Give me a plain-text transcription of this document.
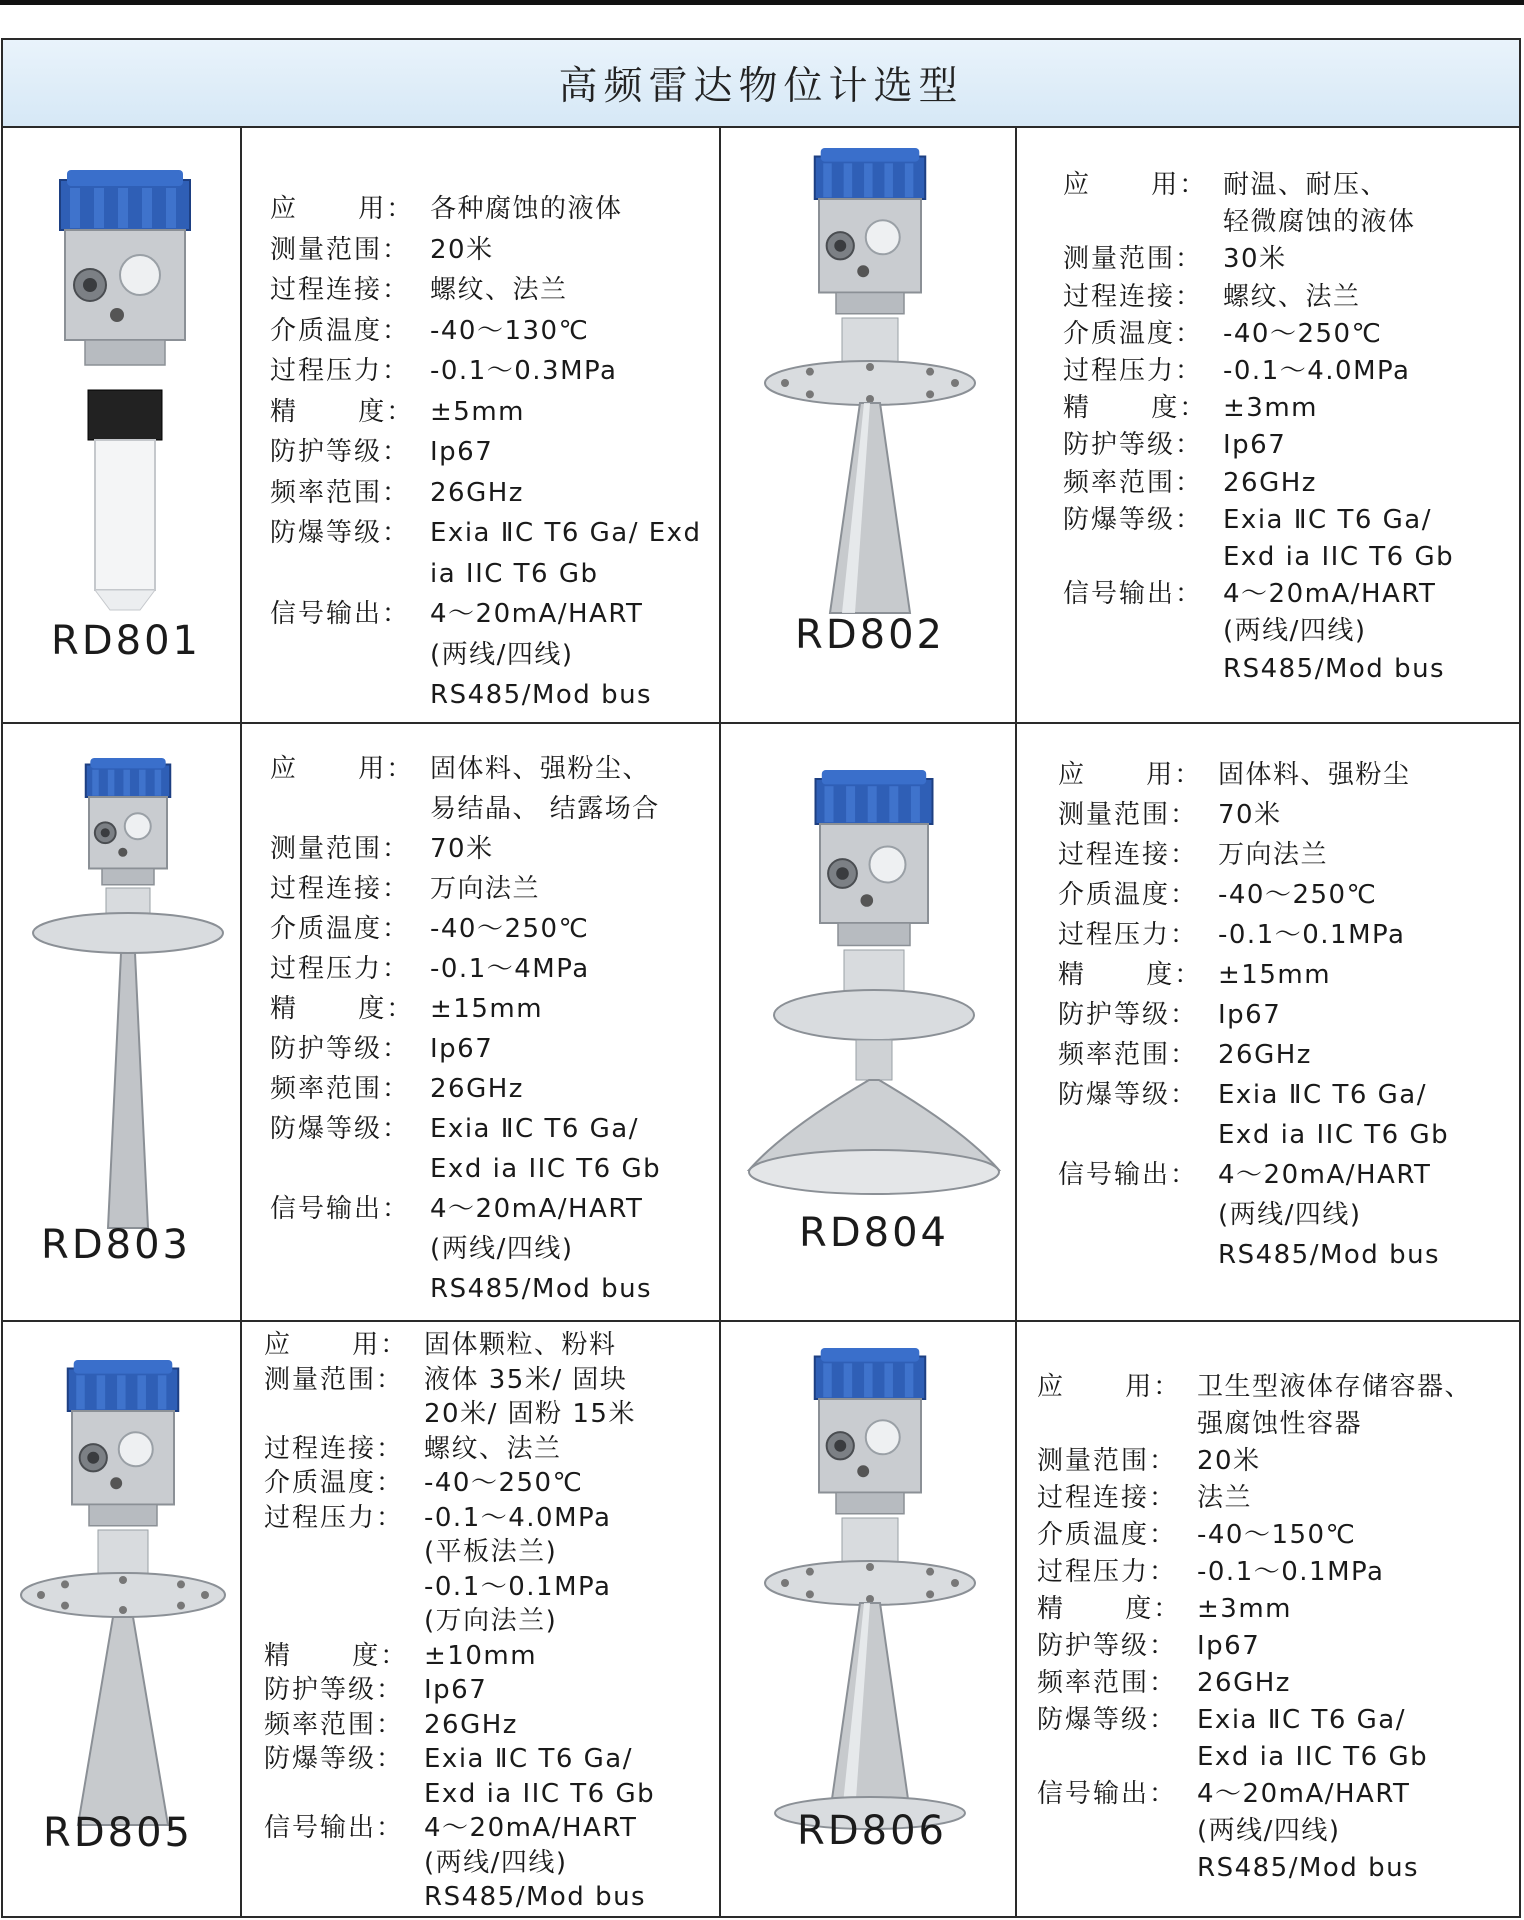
高频雷达物位计选型
RD801
应 用： 各种腐蚀的液体
测量范围： 20米
过程连接： 螺纹、法兰
介质温度： -40～130℃
过程压力： -0.1～0.3MPa
精 度： ±5mm
防护等级： Ip67
频率范围： 26GHz
防爆等级： Exia ⅡC T6 Ga/ Exd
ia IIC T6 Gb
信号输出： 4～20mA/HART
(两线/四线)
RS485/Mod bus
RD802
应 用： 耐温、耐压、
轻微腐蚀的液体
测量范围： 30米
过程连接： 螺纹、法兰
介质温度： -40～250℃
过程压力： -0.1～4.0MPa
精 度： ±3mm
防护等级： Ip67
频率范围： 26GHz
防爆等级： Exia ⅡC T6 Ga/
Exd ia IIC T6 Gb
信号输出： 4～20mA/HART
(两线/四线)
RS485/Mod bus
RD803
应 用： 固体料、强粉尘、
易结晶、 结露场合
测量范围： 70米
过程连接： 万向法兰
介质温度： -40～250℃
过程压力： -0.1～4MPa
精 度： ±15mm
防护等级： Ip67
频率范围： 26GHz
防爆等级： Exia ⅡC T6 Ga/
Exd ia IIC T6 Gb
信号输出： 4～20mA/HART
(两线/四线)
RS485/Mod bus
RD804
应 用： 固体料、强粉尘
测量范围： 70米
过程连接： 万向法兰
介质温度： -40～250℃
过程压力： -0.1～0.1MPa
精 度： ±15mm
防护等级： Ip67
频率范围： 26GHz
防爆等级： Exia ⅡC T6 Ga/
Exd ia IIC T6 Gb
信号输出： 4～20mA/HART
(两线/四线)
RS485/Mod bus
RD805
应 用： 固体颗粒、粉料
测量范围： 液体 35米/ 固块
20米/ 固粉 15米
过程连接： 螺纹、法兰
介质温度： -40～250℃
过程压力： -0.1～4.0MPa
(平板法兰)
-0.1～0.1MPa
(万向法兰)
精 度： ±10mm
防护等级： Ip67
频率范围： 26GHz
防爆等级： Exia ⅡC T6 Ga/
Exd ia IIC T6 Gb
信号输出： 4～20mA/HART
(两线/四线)
RS485/Mod bus
RD806
应 用： 卫生型液体存储容器、
强腐蚀性容器
测量范围： 20米
过程连接： 法兰
介质温度： -40～150℃
过程压力： -0.1～0.1MPa
精 度： ±3mm
防护等级： Ip67
频率范围： 26GHz
防爆等级： Exia ⅡC T6 Ga/
Exd ia IIC T6 Gb
信号输出： 4～20mA/HART
(两线/四线)
RS485/Mod bus
